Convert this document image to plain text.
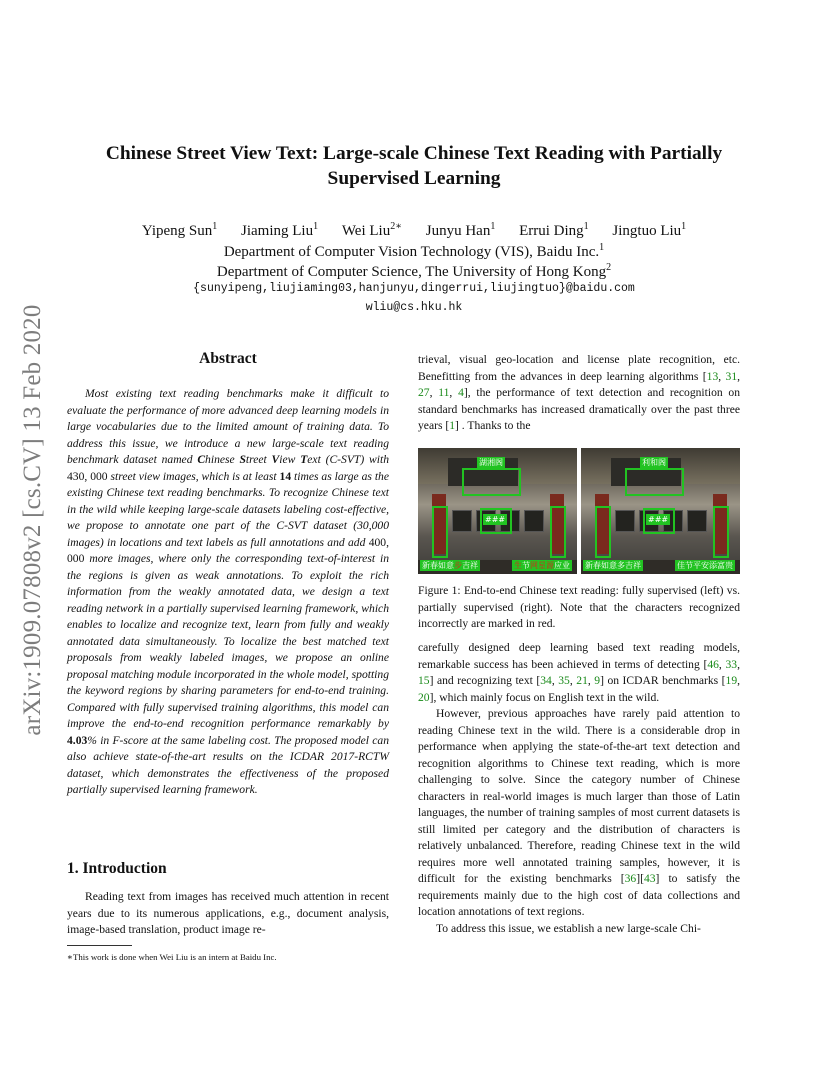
arXiv:1909.07808v2 [cs.CV] 13 Feb 2020
Chinese Street View Text: Large-scale Chinese Text Reading with Partially
Supervised Learning
Yipeng Sun$^1$ Jiaming Liu$^1$ Wei Liu$^{2∗}$ Junyu Han$^1$ Errui Ding$^1$ Jingtuo Liu$^1$
Department of Computer Vision Technology (VIS), Baidu Inc.$^1$
Department of Computer Science, The University of Hong Kong$^2$
{sunyipeng,liujiaming03,hanjunyu,dingerrui,liujingtuo}@baidu.com
wliu@cs.hku.hk
Abstract
Most existing text reading benchmarks make it difficult to evaluate the performance of more advanced deep learning models in large vocabularies due to the limited amount of training data. To address this issue, we introduce a new large-scale text reading benchmark dataset named Chinese Street View Text (C-SVT) with 430, 000 street view images, which is at least 14 times as large as the existing Chinese text reading benchmarks. To recognize Chinese text in the wild while keeping large-scale datasets labeling cost-effective, we propose to annotate one part of the C-SVT dataset (30,000 images) in locations and text labels as full annotations and add 400, 000 more images, where only the corresponding text-of-interest in the regions is given as weak annotations. To exploit the rich information from the weakly annotated data, we design a text reading network in a partially supervised learning framework, which enables to localize and recognize text, learn from fully and weakly annotated data simultaneously. To localize the best matched text proposals from weakly labeled images, we propose an online proposal matching module incorporated in the whole model, spotting the keyword regions by sharing parameters for end-to-end training. Compared with fully supervised training algorithms, this model can improve the end-to-end recognition performance remarkably by 4.03% in F-score at the same labeling cost. The proposed model can also achieve state-of-the-art results on the ICDAR 2017-RCTW dataset, which demonstrates the effectiveness of the proposed partially supervised learning framework.
1. Introduction

Reading text from images has received much attention in recent years due to its numerous applications, e.g., document analysis, image-based translation, product image re-

∗This work is done when Wei Liu is an intern at Baidu Inc.
trieval, visual geo-location and license plate recognition, etc. Benefitting from the advances in deep learning algorithms [13, 31, 27, 11, 4], the performance of text detection and recognition on standard benchmarks has increased dramatically over the past three years [1] . Thanks to the
湖湘阁
###
新春如意步吉祥	生节网星源应业
利和阁
###
新春如意多吉祥	佳节平安添富贵
Figure 1: End-to-end Chinese text reading: fully supervised (left) vs. partially supervised (right). Note that the characters recognized incorrectly are marked in red.

carefully designed deep learning based text reading models, remarkable success has been achieved in terms of detecting [46, 33, 15] and recognizing text [34, 35, 21, 9] on ICDAR benchmarks [19, 20], which mainly focus on English text in the wild.

However, previous approaches have rarely paid attention to reading Chinese text in the wild. There is a considerable drop in performance when applying the state-of-the-art text detection and recognition algorithms to Chinese text reading, which is more challenging to solve. Since the category number of Chinese characters in real-world images is much larger than those of Latin languages, the number of training samples of most current datasets is still limited per category and the distribution of characters is relatively unbalanced. Therefore, reading Chinese text in the wild requires more well annotated training samples, however, it is difficult for the existing benchmarks [36][43] to satisfy the requirements mainly due to the high cost of data collections and location annotations of text regions.

To address this issue, we establish a new large-scale Chi-
